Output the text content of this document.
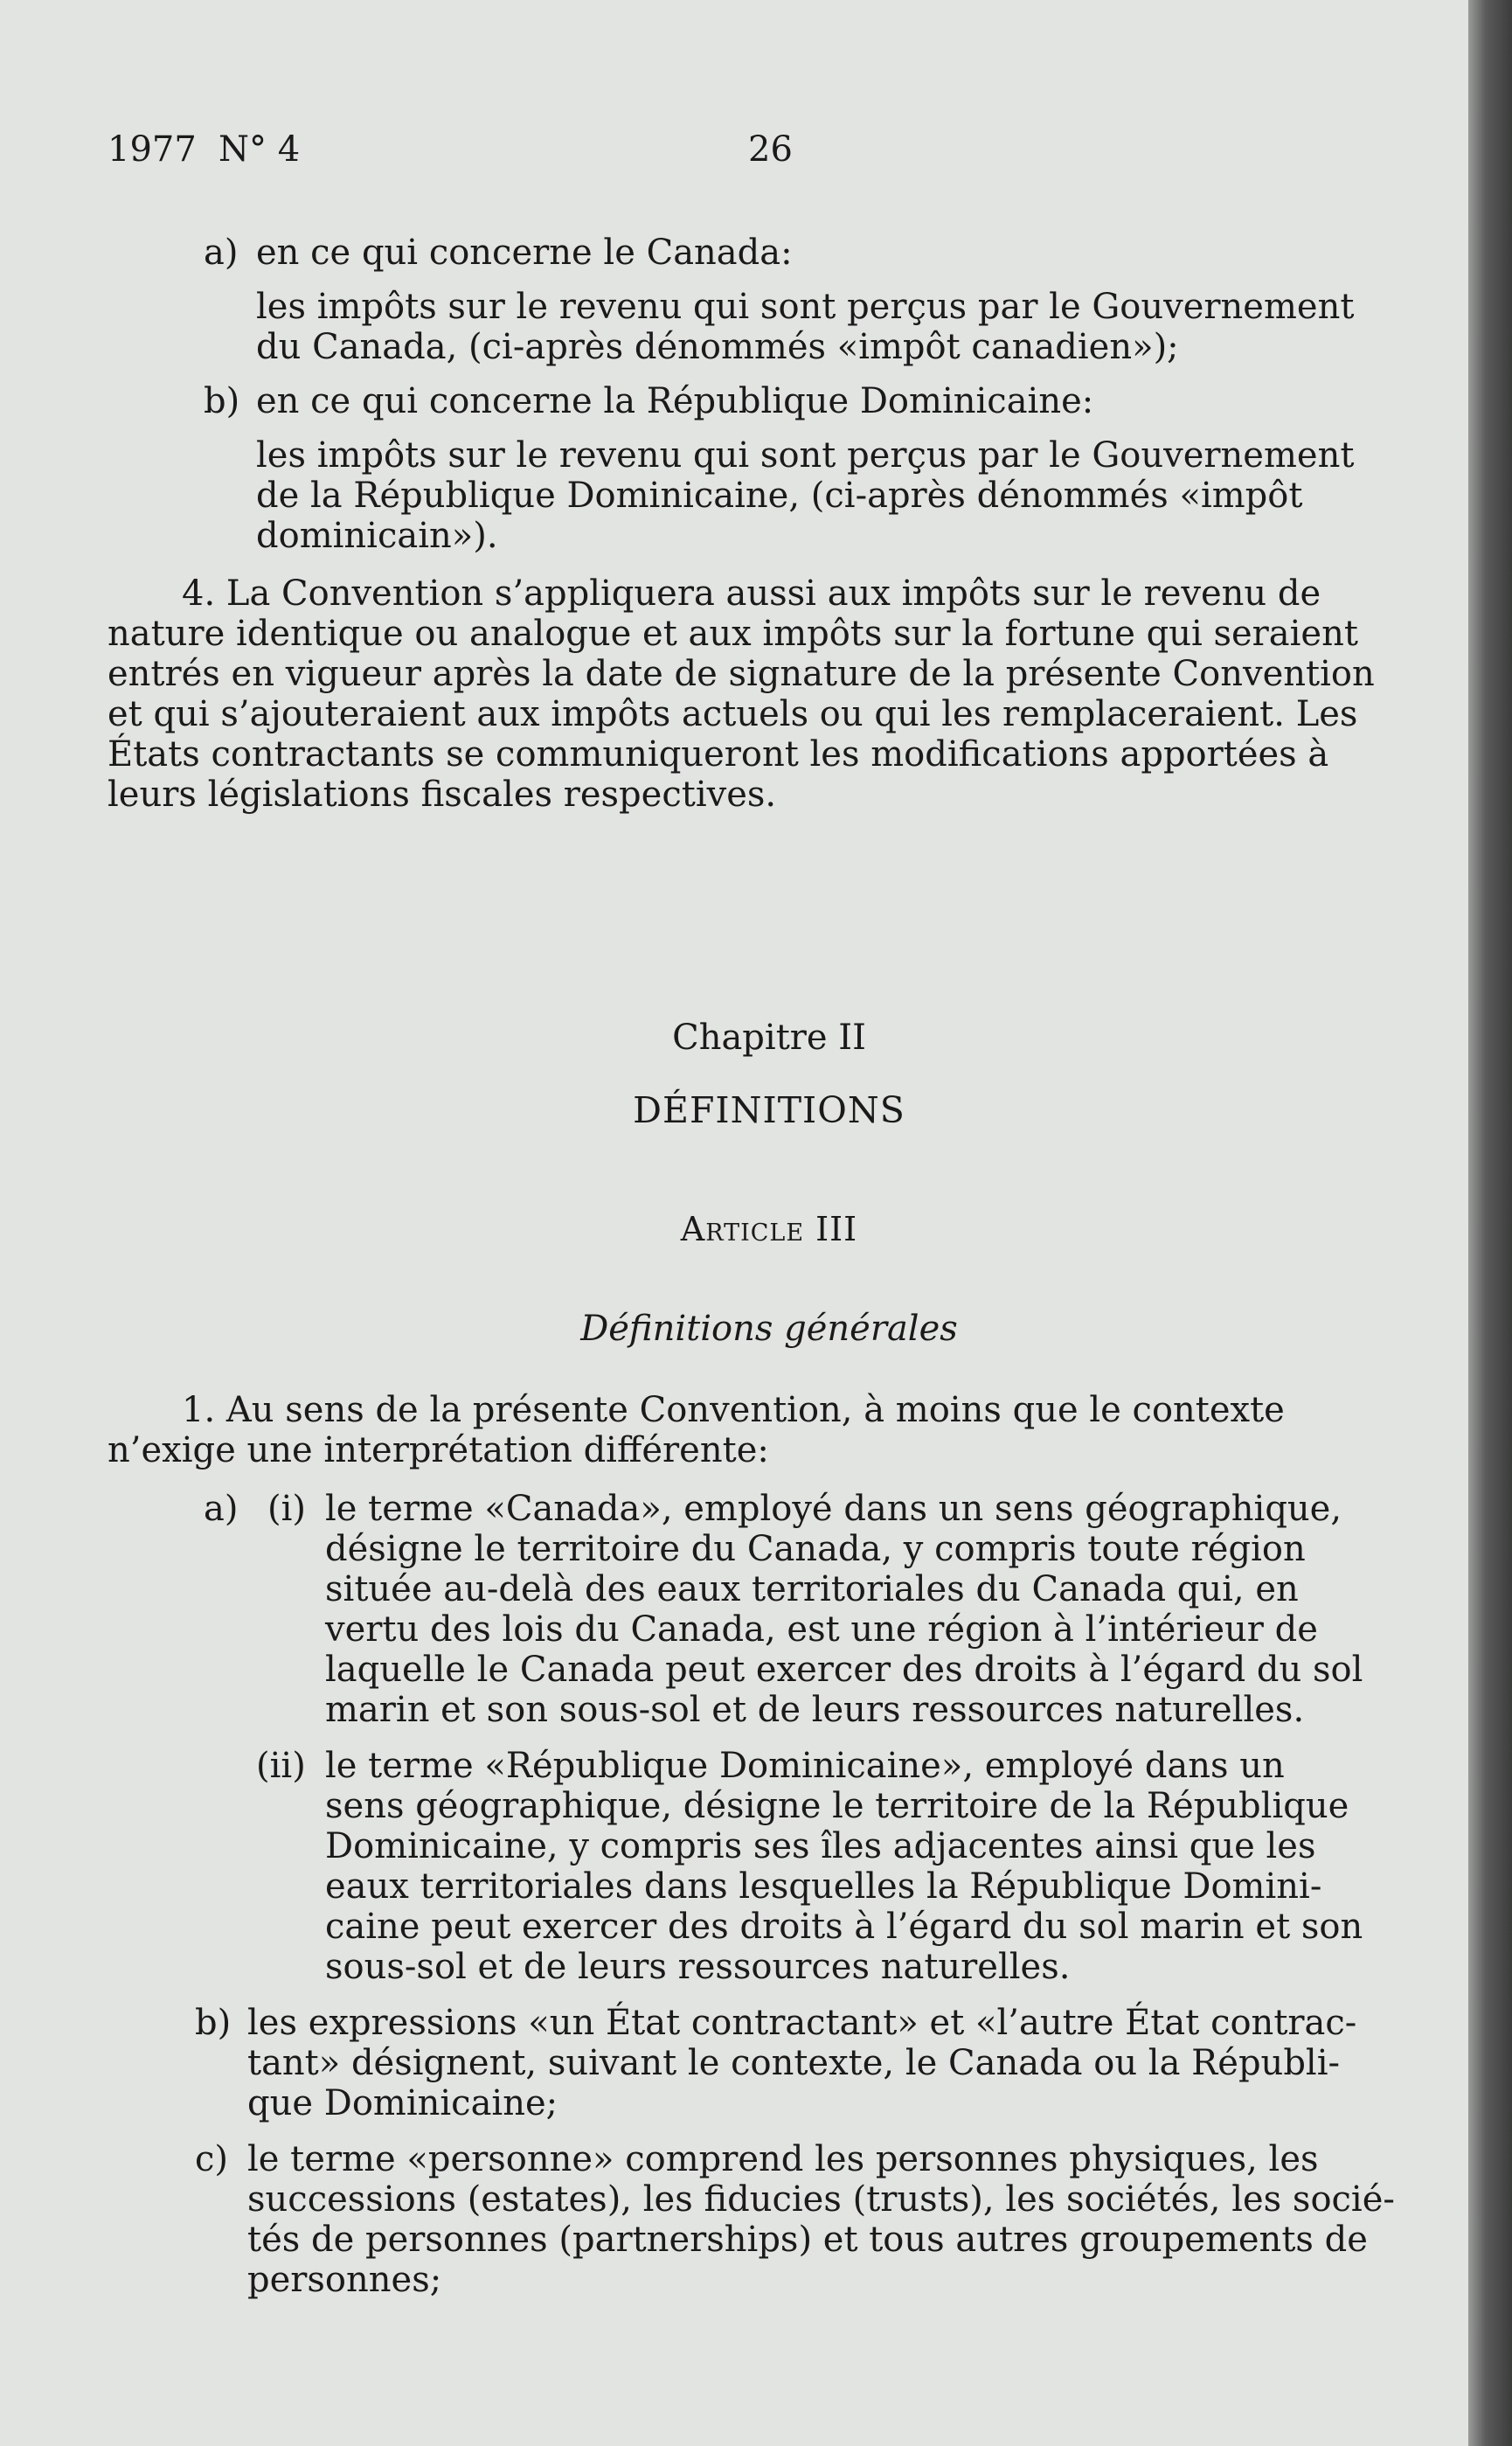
1977 N° 4	26
a) en ce qui concerne le Canada:
les impôts sur le revenu qui sont perçus par le Gouvernement
du Canada, (ci-après dénommés «impôt canadien»);
b) en ce qui concerne la République Dominicaine:
les impôts sur le revenu qui sont perçus par le Gouvernement
de la République Dominicaine, (ci-après dénommés «impôt
dominicain»).
4. La Convention s’appliquera aussi aux impôts sur le revenu de
nature identique ou analogue et aux impôts sur la fortune qui seraient
entrés en vigueur après la date de signature de la présente Convention
et qui s’ajouteraient aux impôts actuels ou qui les remplaceraient. Les
États contractants se communiqueront les modifications apportées à
leurs législations fiscales respectives.
Chapitre II
DÉFINITIONS
Article III
Définitions générales
1. Au sens de la présente Convention, à moins que le contexte
n’exige une interprétation différente:
a) (i) le terme «Canada», employé dans un sens géographique,
désigne le territoire du Canada, y compris toute région
située au-delà des eaux territoriales du Canada qui, en
vertu des lois du Canada, est une région à l’intérieur de
laquelle le Canada peut exercer des droits à l’égard du sol
marin et son sous-sol et de leurs ressources naturelles.
(ii) le terme «République Dominicaine», employé dans un
sens géographique, désigne le territoire de la République
Dominicaine, y compris ses îles adjacentes ainsi que les
eaux territoriales dans lesquelles la République Domini-
caine peut exercer des droits à l’égard du sol marin et son
sous-sol et de leurs ressources naturelles.
b) les expressions «un État contractant» et «l’autre État contrac-
tant» désignent, suivant le contexte, le Canada ou la Républi-
que Dominicaine;
c) le terme «personne» comprend les personnes physiques, les
successions (estates), les fiducies (trusts), les sociétés, les socié-
tés de personnes (partnerships) et tous autres groupements de
personnes;
